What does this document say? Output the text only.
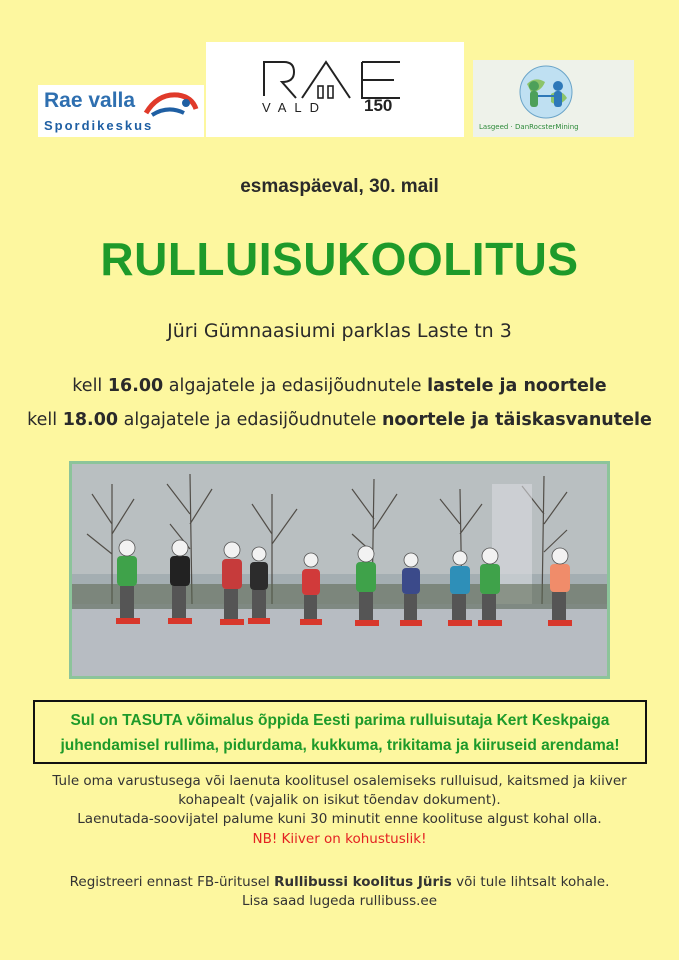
Rae valla
Spordikeskus
VALD 150
Lasgeed · DanRocsterMining
esmaspäeval, 30. mail
RULLUISUKOOLITUS
Jüri Gümnaasiumi parklas Laste tn 3
kell 16.00 algajatele ja edasijõudnutele lastele ja noortele
kell 18.00 algajatele ja edasijõudnutele noortele ja täiskasvanutele
Sul on TASUTA võimalus õppida Eesti parima rulluisutaja Kert Keskpaiga
juhendamisel rullima, pidurdama, kukkuma, trikitama ja kiiruseid arendama!
Tule oma varustusega või laenuta koolitusel osalemiseks rulluisud, kaitsmed ja kiiver
kohapealt (vajalik on isikut tõendav dokument).
Laenutada-soovijatel palume kuni 30 minutit enne koolituse algust kohal olla.
NB! Kiiver on kohustuslik!
Registreeri ennast FB-üritusel Rullibussi koolitus Jüris või tule lihtsalt kohale.
Lisa saad lugeda rullibuss.ee
